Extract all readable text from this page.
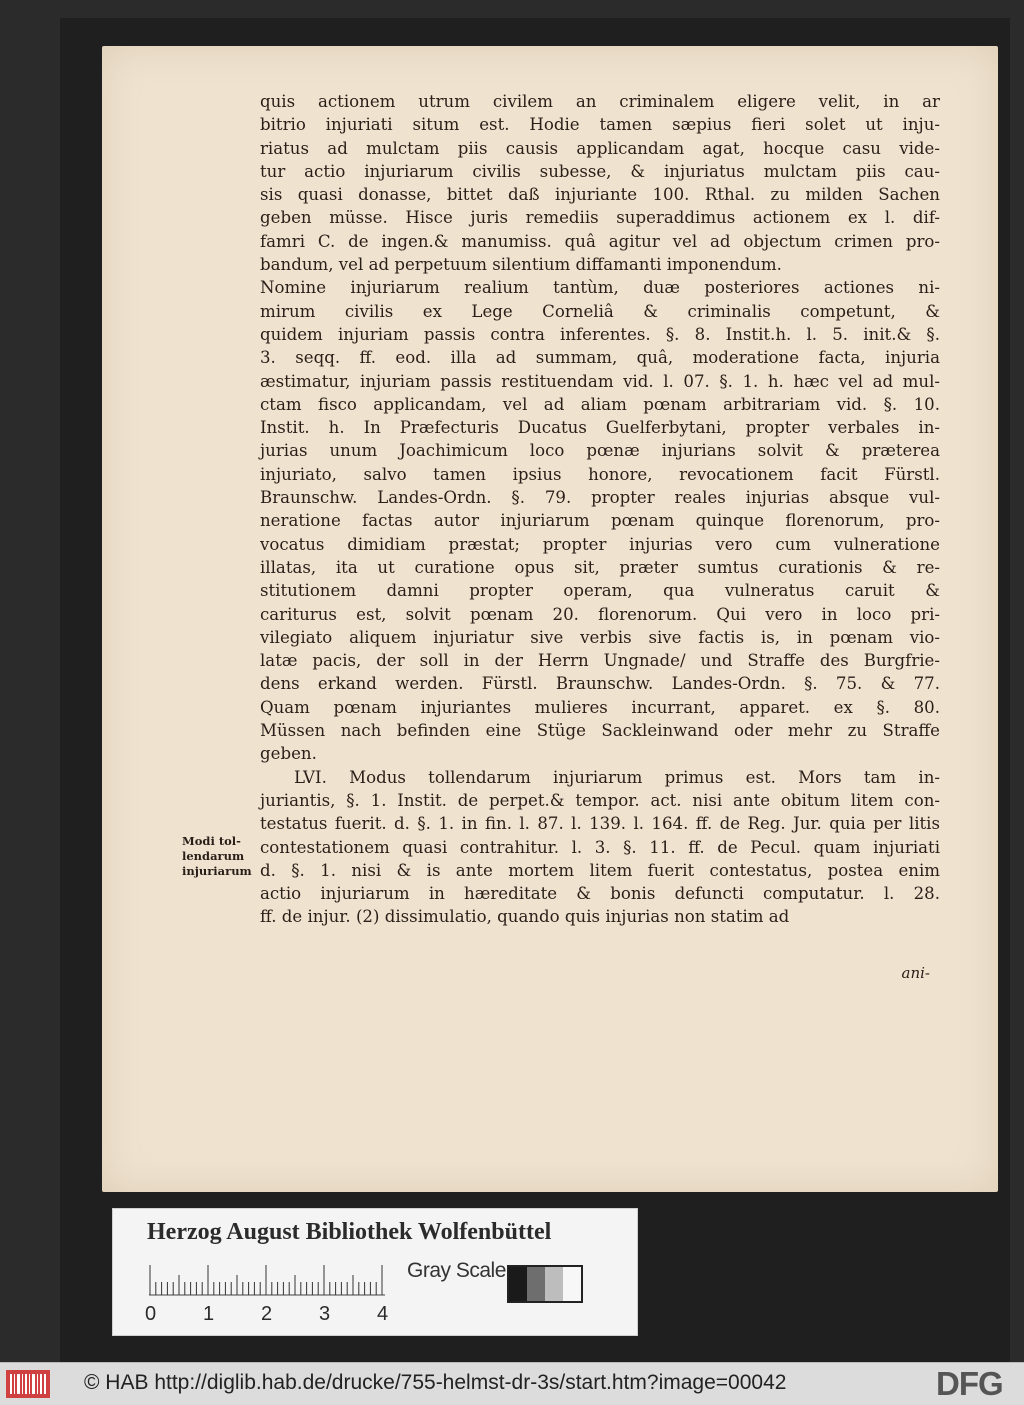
quis actionem utrum civilem an criminalem eligere velit, in ar
bitrio injuriati situm est. Hodie tamen sæpius fieri solet ut inju-
riatus ad mulctam piis causis applicandam agat, hocque casu vide-
tur actio injuriarum civilis subesse, & injuriatus mulctam piis cau-
sis quasi donasse, bittet daß injuriante 100. Rthal. zu milden Sachen
geben müsse. Hisce juris remediis superaddimus actionem ex l. dif-
famri C. de ingen.& manumiss. quâ agitur vel ad objectum crimen pro-
bandum, vel ad perpetuum silentium diffamanti imponendum.
Nomine injuriarum realium tantùm, duæ posteriores actiones ni-
mirum civilis ex Lege Corneliâ & criminalis competunt, &
quidem injuriam passis contra inferentes. §. 8. Instit.h. l. 5. init.& §.
3. seqq. ff. eod. illa ad summam, quâ, moderatione facta, injuria
æstimatur, injuriam passis restituendam vid. l. 07. §. 1. h. hæc vel ad mul-
ctam fisco applicandam, vel ad aliam pœnam arbitrariam vid. §. 10.
Instit. h. In Præfecturis Ducatus Guelferbytani, propter verbales in-
jurias unum Joachimicum loco pœnæ injurians solvit & præterea
injuriato, salvo tamen ipsius honore, revocationem facit Fürstl.
Braunschw. Landes-Ordn. §. 79. propter reales injurias absque vul-
neratione factas autor injuriarum pœnam quinque florenorum, pro-
vocatus dimidiam præstat; propter injurias vero cum vulneratione
illatas, ita ut curatione opus sit, præter sumtus curationis & re-
stitutionem damni propter operam, qua vulneratus caruit &
cariturus est, solvit pœnam 20. florenorum. Qui vero in loco pri-
vilegiato aliquem injuriatur sive verbis sive factis is, in pœnam vio-
latæ pacis, der soll in der Herrn Ungnade/ und Straffe des Burgfrie-
dens erkand werden. Fürstl. Braunschw. Landes-Ordn. §. 75. & 77.
Quam pœnam injuriantes mulieres incurrant, apparet. ex §. 80.
Müssen nach befinden eine Stüge Sackleinwand oder mehr zu Straffe
geben.
LVI. Modus tollendarum injuriarum primus est. Mors tam in-
juriantis, §. 1. Instit. de perpet.& tempor. act. nisi ante obitum litem con-
testatus fuerit. d. §. 1. in fin. l. 87. l. 139. l. 164. ff. de Reg. Jur. quia per litis
contestationem quasi contrahitur. l. 3. §. 11. ff. de Pecul. quam injuriati
d. §. 1. nisi & is ante mortem litem fuerit contestatus, postea enim
actio injuriarum in hæreditate & bonis defuncti computatur. l. 28.
ff. de injur. (2) dissimulatio, quando quis injurias non statim ad
Modi tol-
lendarum
injuriarum
ani-
Herzog August Bibliothek Wolfenbüttel
0 1 2 3 4
Gray Scale
© HAB http://diglib.hab.de/drucke/755-helmst-dr-3s/start.htm?image=00042	DFG
